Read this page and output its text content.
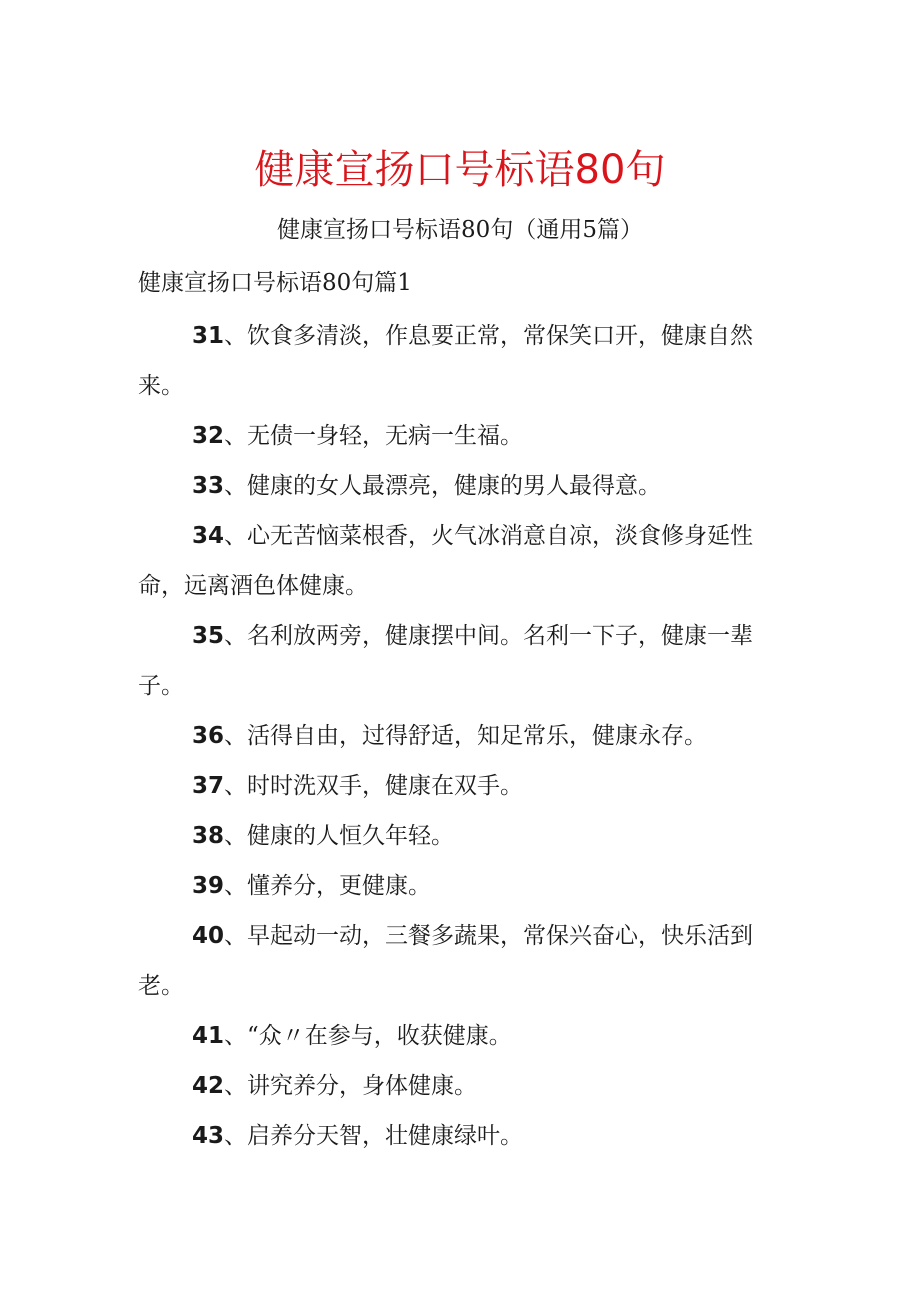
健康宣扬口号标语80句
健康宣扬口号标语80句（通用5篇）
健康宣扬口号标语80句篇1
31、饮食多清淡，作息要正常，常保笑口开，健康自然来。
32、无债一身轻，无病一生福。
33、健康的女人最漂亮，健康的男人最得意。
34、心无苦恼菜根香，火气冰消意自凉，淡食修身延性命，远离酒色体健康。
35、名利放两旁，健康摆中间。名利一下子，健康一辈子。
36、活得自由，过得舒适，知足常乐，健康永存。
37、时时洗双手，健康在双手。
38、健康的人恒久年轻。
39、懂养分，更健康。
40、早起动一动，三餐多蔬果，常保兴奋心，快乐活到老。
41、“众〃在参与，收获健康。
42、讲究养分，身体健康。
43、启养分天智，壮健康绿叶。
